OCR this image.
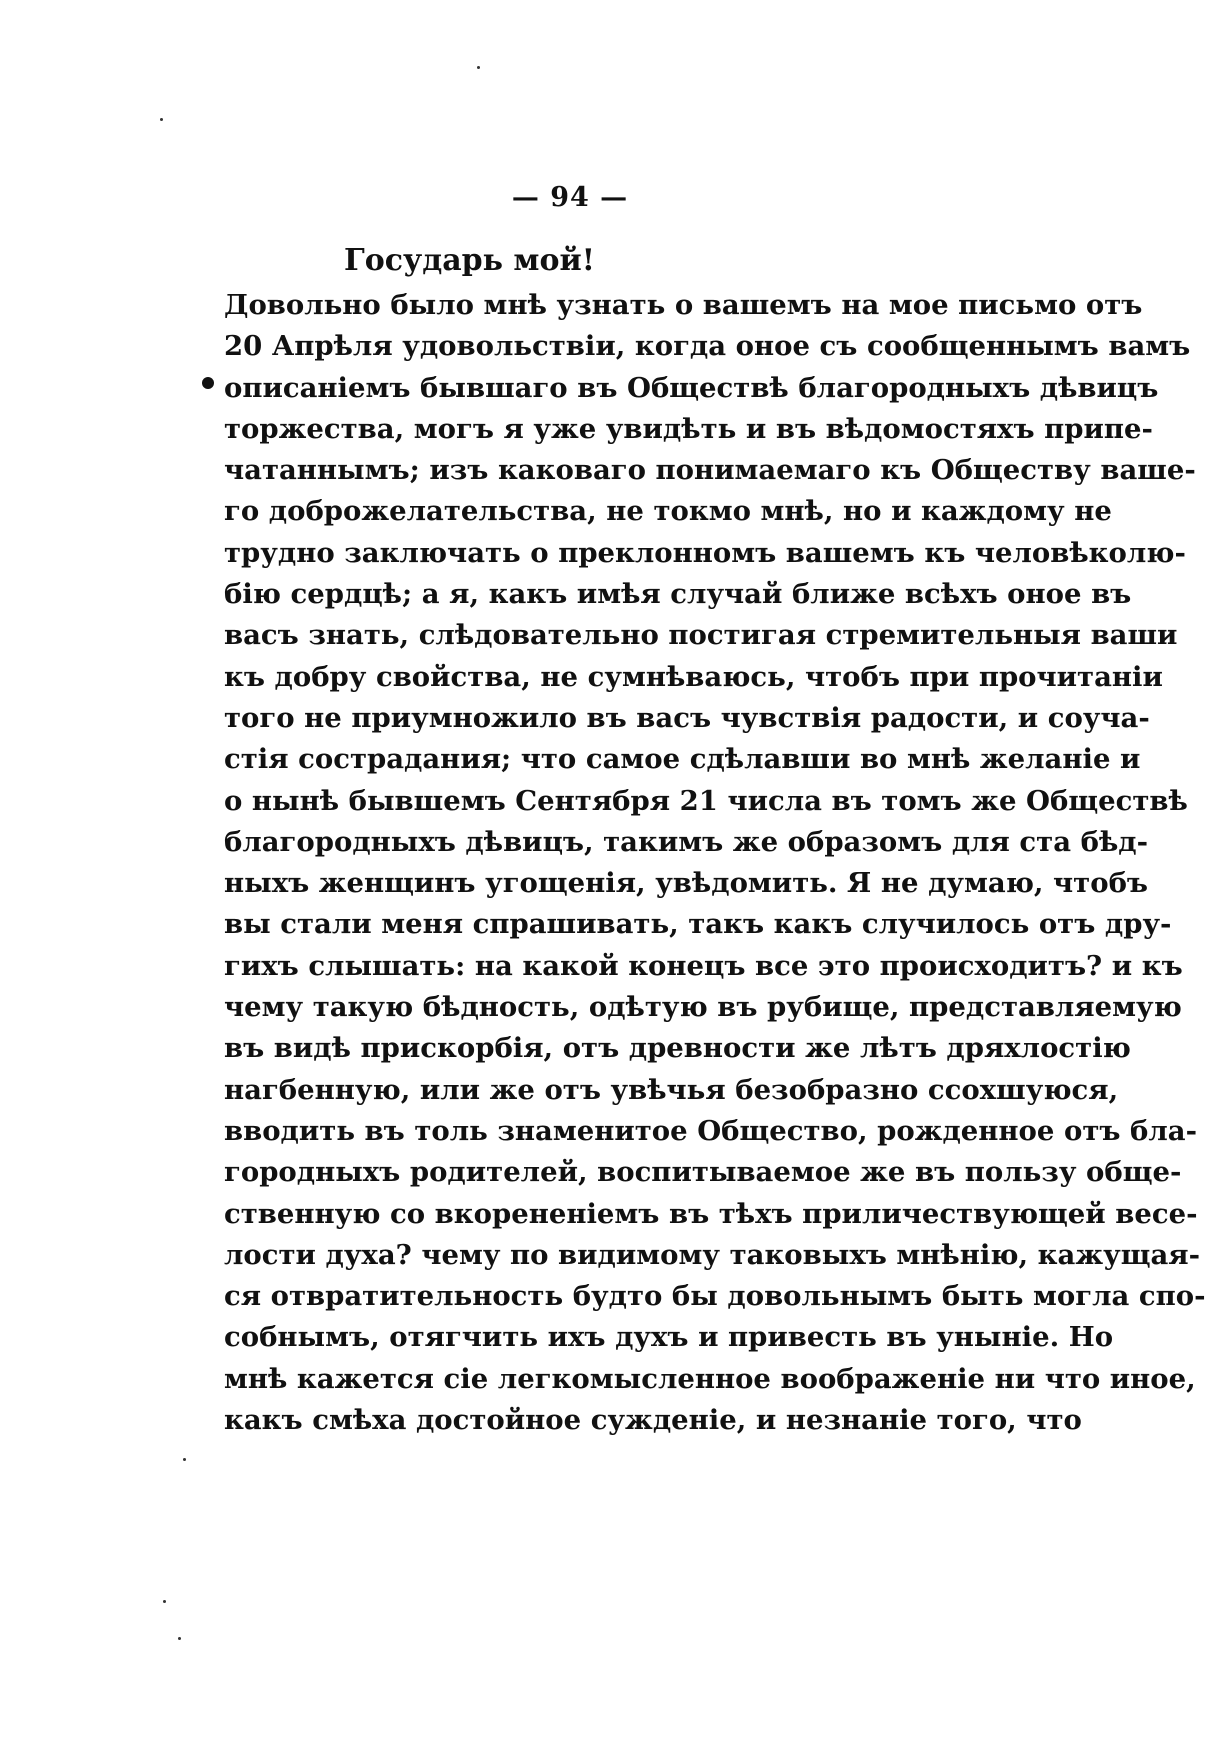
— 94 —
Государь мой!
Довольно было мнѣ узнать о вашемъ на мое письмо отъ
20 Апрѣля удовольствіи, когда оное съ сообщеннымъ вамъ
описаніемъ бывшаго въ Обществѣ благородныхъ дѣвицъ
торжества, могъ я уже увидѣть и въ вѣдомостяхъ припе-
чатаннымъ; изъ каковаго понимаемаго къ Обществу ваше-
го доброжелательства, не токмо мнѣ, но и каждому не
трудно заключать о преклонномъ вашемъ къ человѣколю-
бію сердцѣ; а я, какъ имѣя случай ближе всѣхъ оное въ
васъ знать, слѣдовательно постигая стремительныя ваши
къ добру свойства, не сумнѣваюсь, чтобъ при прочитаніи
того не приумножило въ васъ чувствія радости, и соуча-
стія сострадания; что самое сдѣлавши во мнѣ желаніе и
о нынѣ бывшемъ Сентября 21 числа въ томъ же Обществѣ
благородныхъ дѣвицъ, такимъ же образомъ для ста бѣд-
ныхъ женщинъ угощенія, увѣдомить. Я не думаю, чтобъ
вы стали меня спрашивать, такъ какъ случилось отъ дру-
гихъ слышать: на какой конецъ все это происходитъ? и къ
чему такую бѣдность, одѣтую въ рубище, представляемую
въ видѣ прискорбія, отъ древности же лѣтъ дряхлостію
нагбенную, или же отъ увѣчья безобразно ссохшуюся,
вводить въ толь знаменитое Общество, рожденное отъ бла-
городныхъ родителей, воспитываемое же въ пользу обще-
ственную со вкорененіемъ въ тѣхъ приличествующей весе-
лости духа? чему по видимому таковыхъ мнѣнію, кажущая-
ся отвратительность будто бы довольнымъ быть могла спо-
собнымъ, отягчить ихъ духъ и привесть въ уныніе. Но
мнѣ кажется сіе легкомысленное воображеніе ни что иное,
какъ смѣха достойное сужденіе, и незнаніе того, что
